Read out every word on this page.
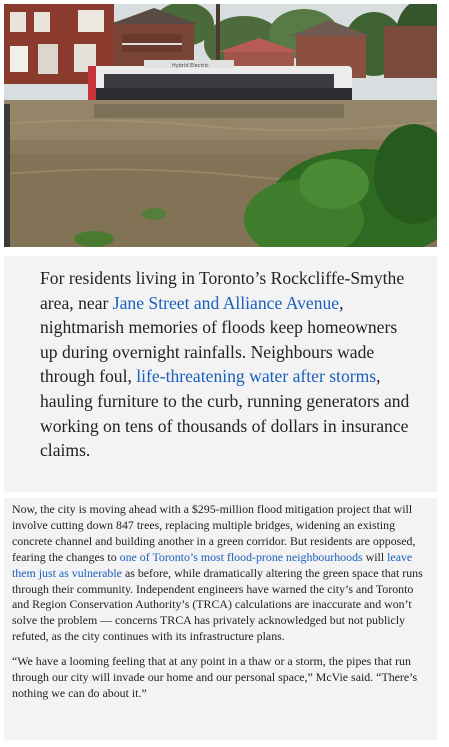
Hybrid Electric

For residents living in Toronto’s Rockcliffe-Smythe area, near Jane Street and Alliance Avenue, nightmarish memories of floods keep homeowners up during overnight rainfalls. Neighbours wade through foul, life-threatening water after storms, hauling furniture to the curb, running generators and working on tens of thousands of dollars in insurance claims.

Now, the city is moving ahead with a $295-million flood mitigation project that will involve cutting down 847 trees, replacing multiple bridges, widening an existing concrete channel and building another in a green corridor. But residents are opposed, fearing the changes to one of Toronto’s most flood-prone neighbourhoods will leave them just as vulnerable as before, while dramatically altering the green space that runs through their community. Independent engineers have warned the city’s and Toronto and Region Conservation Authority’s (TRCA) calculations are inaccurate and won’t solve the problem — concerns TRCA has privately acknowledged but not publicly refuted, as the city continues with its infrastructure plans.

“We have a looming feeling that at any point in a thaw or a storm, the pipes that run through our city will invade our home and our personal space,” McVie said. “There’s nothing we can do about it.”
